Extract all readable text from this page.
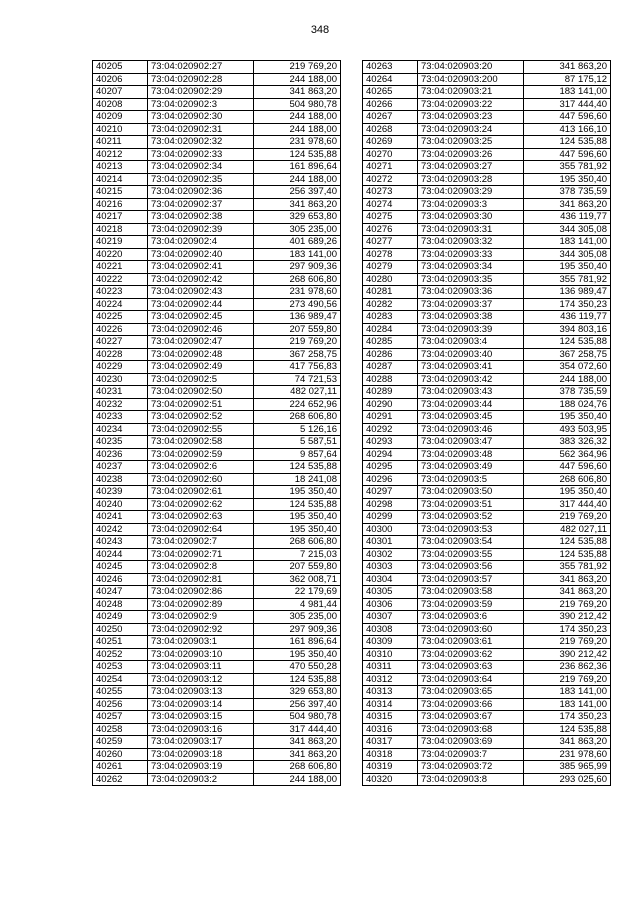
348
40205	73:04:020902:27	219 769,20
40206	73:04:020902:28	244 188,00
40207	73:04:020902:29	341 863,20
40208	73:04:020902:3	504 980,78
40209	73:04:020902:30	244 188,00
40210	73:04:020902:31	244 188,00
40211	73:04:020902:32	231 978,60
40212	73:04:020902:33	124 535,88
40213	73:04:020902:34	161 896,64
40214	73:04:020902:35	244 188,00
40215	73:04:020902:36	256 397,40
40216	73:04:020902:37	341 863,20
40217	73:04:020902:38	329 653,80
40218	73:04:020902:39	305 235,00
40219	73:04:020902:4	401 689,26
40220	73:04:020902:40	183 141,00
40221	73:04:020902:41	297 909,36
40222	73:04:020902:42	268 606,80
40223	73:04:020902:43	231 978,60
40224	73:04:020902:44	273 490,56
40225	73:04:020902:45	136 989,47
40226	73:04:020902:46	207 559,80
40227	73:04:020902:47	219 769,20
40228	73:04:020902:48	367 258,75
40229	73:04:020902:49	417 756,83
40230	73:04:020902:5	74 721,53
40231	73:04:020902:50	482 027,11
40232	73:04:020902:51	224 652,96
40233	73:04:020902:52	268 606,80
40234	73:04:020902:55	5 126,16
40235	73:04:020902:58	5 587,51
40236	73:04:020902:59	9 857,64
40237	73:04:020902:6	124 535,88
40238	73:04:020902:60	18 241,08
40239	73:04:020902:61	195 350,40
40240	73:04:020902:62	124 535,88
40241	73:04:020902:63	195 350,40
40242	73:04:020902:64	195 350,40
40243	73:04:020902:7	268 606,80
40244	73:04:020902:71	7 215,03
40245	73:04:020902:8	207 559,80
40246	73:04:020902:81	362 008,71
40247	73:04:020902:86	22 179,69
40248	73:04:020902:89	4 981,44
40249	73:04:020902:9	305 235,00
40250	73:04:020902:92	297 909,36
40251	73:04:020903:1	161 896,64
40252	73:04:020903:10	195 350,40
40253	73:04:020903:11	470 550,28
40254	73:04:020903:12	124 535,88
40255	73:04:020903:13	329 653,80
40256	73:04:020903:14	256 397,40
40257	73:04:020903:15	504 980,78
40258	73:04:020903:16	317 444,40
40259	73:04:020903:17	341 863,20
40260	73:04:020903:18	341 863,20
40261	73:04:020903:19	268 606,80
40262	73:04:020903:2	244 188,00
40263	73:04:020903:20	341 863,20
40264	73:04:020903:200	87 175,12
40265	73:04:020903:21	183 141,00
40266	73:04:020903:22	317 444,40
40267	73:04:020903:23	447 596,60
40268	73:04:020903:24	413 166,10
40269	73:04:020903:25	124 535,88
40270	73:04:020903:26	447 596,60
40271	73:04:020903:27	355 781,92
40272	73:04:020903:28	195 350,40
40273	73:04:020903:29	378 735,59
40274	73:04:020903:3	341 863,20
40275	73:04:020903:30	436 119,77
40276	73:04:020903:31	344 305,08
40277	73:04:020903:32	183 141,00
40278	73:04:020903:33	344 305,08
40279	73:04:020903:34	195 350,40
40280	73:04:020903:35	355 781,92
40281	73:04:020903:36	136 989,47
40282	73:04:020903:37	174 350,23
40283	73:04:020903:38	436 119,77
40284	73:04:020903:39	394 803,16
40285	73:04:020903:4	124 535,88
40286	73:04:020903:40	367 258,75
40287	73:04:020903:41	354 072,60
40288	73:04:020903:42	244 188,00
40289	73:04:020903:43	378 735,59
40290	73:04:020903:44	188 024,76
40291	73:04:020903:45	195 350,40
40292	73:04:020903:46	493 503,95
40293	73:04:020903:47	383 326,32
40294	73:04:020903:48	562 364,96
40295	73:04:020903:49	447 596,60
40296	73:04:020903:5	268 606,80
40297	73:04:020903:50	195 350,40
40298	73:04:020903:51	317 444,40
40299	73:04:020903:52	219 769,20
40300	73:04:020903:53	482 027,11
40301	73:04:020903:54	124 535,88
40302	73:04:020903:55	124 535,88
40303	73:04:020903:56	355 781,92
40304	73:04:020903:57	341 863,20
40305	73:04:020903:58	341 863,20
40306	73:04:020903:59	219 769,20
40307	73:04:020903:6	390 212,42
40308	73:04:020903:60	174 350,23
40309	73:04:020903:61	219 769,20
40310	73:04:020903:62	390 212,42
40311	73:04:020903:63	236 862,36
40312	73:04:020903:64	219 769,20
40313	73:04:020903:65	183 141,00
40314	73:04:020903:66	183 141,00
40315	73:04:020903:67	174 350,23
40316	73:04:020903:68	124 535,88
40317	73:04:020903:69	341 863,20
40318	73:04:020903:7	231 978,60
40319	73:04:020903:72	385 965,99
40320	73:04:020903:8	293 025,60
